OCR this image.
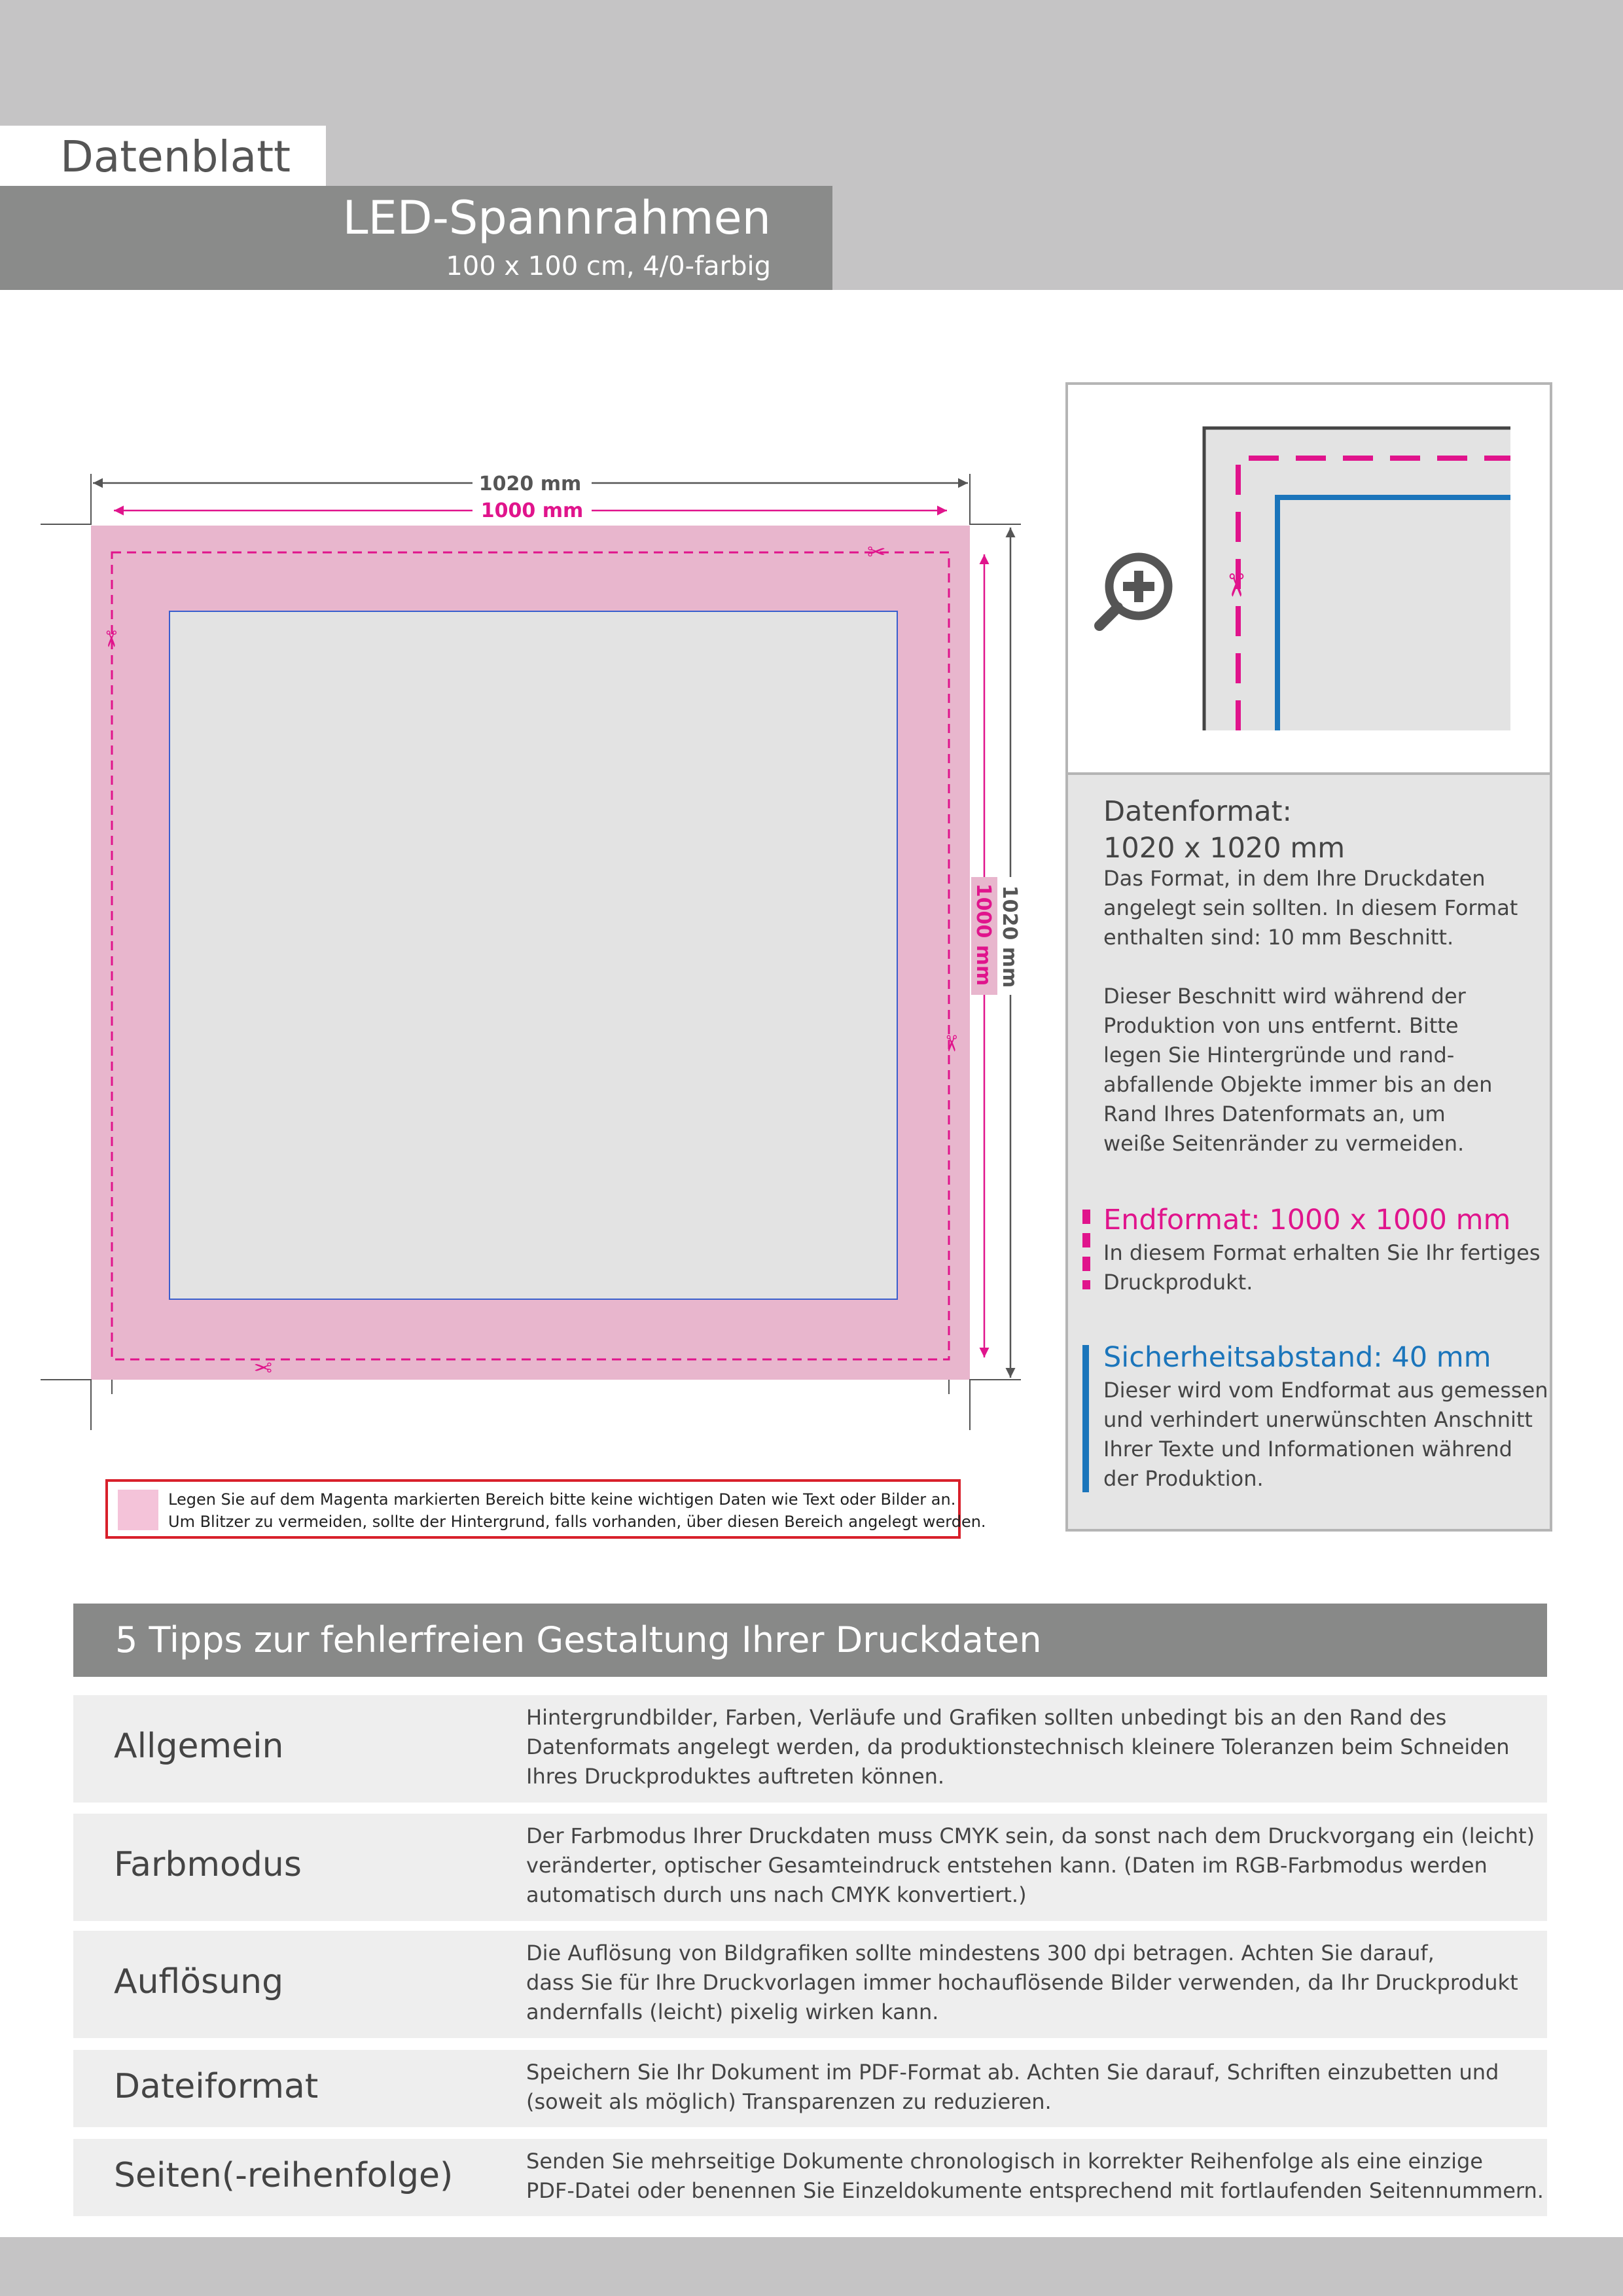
Datenblatt
LED-Spannrahmen
100 x 100 cm, 4/0-farbig
1020 mm
1000 mm
1020 mm
1000 mm
✂
✂
✂
✂
Legen Sie auf dem Magenta markierten Bereich bitte keine wichtigen Daten wie Text oder Bilder an.
Um Blitzer zu vermeiden, sollte der Hintergrund, falls vorhanden, über diesen Bereich angelegt werden.
✂
Datenformat:
1020 x 1020 mm
Das Format, in dem Ihre Druckdaten
angelegt sein sollten. In diesem Format
enthalten sind: 10 mm Beschnitt.
Dieser Beschnitt wird während der
Produktion von uns entfernt. Bitte
legen Sie Hintergründe und rand-
abfallende Objekte immer bis an den
Rand Ihres Datenformats an, um
weiße Seitenränder zu vermeiden.
Endformat: 1000 x 1000 mm
In diesem Format erhalten Sie Ihr fertiges
Druckprodukt.
Sicherheitsabstand: 40 mm
Dieser wird vom Endformat aus gemessen
und verhindert unerwünschten Anschnitt
Ihrer Texte und Informationen während
der Produktion.
5 Tipps zur fehlerfreien Gestaltung Ihrer Druckdaten
Allgemein
Hintergrundbilder, Farben, Verläufe und Grafiken sollten unbedingt bis an den Rand des
Datenformats angelegt werden, da produktionstechnisch kleinere Toleranzen beim Schneiden
Ihres Druckproduktes auftreten können.
Farbmodus
Der Farbmodus Ihrer Druckdaten muss CMYK sein, da sonst nach dem Druckvorgang ein (leicht)
veränderter, optischer Gesamteindruck entstehen kann. (Daten im RGB-Farbmodus werden
automatisch durch uns nach CMYK konvertiert.)
Auflösung
Die Auflösung von Bildgrafiken sollte mindestens 300 dpi betragen. Achten Sie darauf,
dass Sie für Ihre Druckvorlagen immer hochauflösende Bilder verwenden, da Ihr Druckprodukt
andernfalls (leicht) pixelig wirken kann.
Dateiformat	Speichern Sie Ihr Dokument im PDF-Format ab. Achten Sie darauf, Schriften einzubetten und
(soweit als möglich) Transparenzen zu reduzieren.
Seiten(-reihenfolge)	Senden Sie mehrseitige Dokumente chronologisch in korrekter Reihenfolge als eine einzige
PDF-Datei oder benennen Sie Einzeldokumente entsprechend mit fortlaufenden Seitennummern.
